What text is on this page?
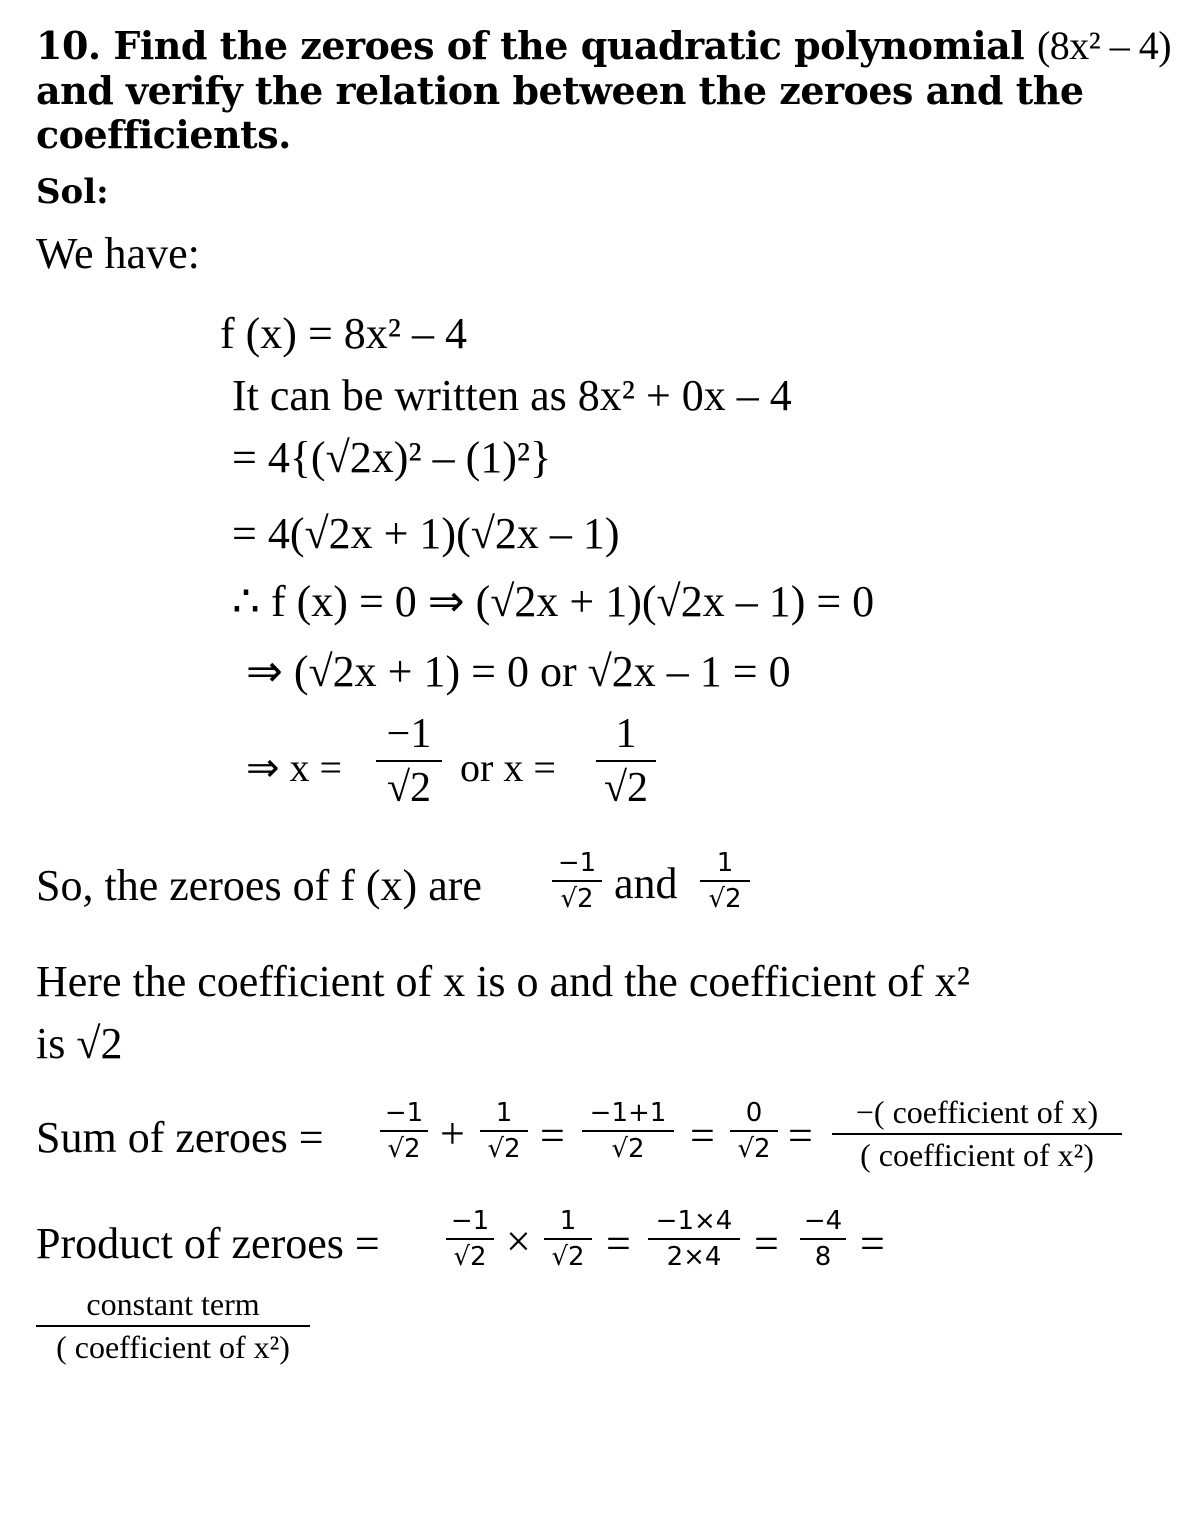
10. Find the zeroes of the quadratic polynomial (8x² – 4)
and verify the relation between the zeroes and the
coefficients.
Sol:
We have:
f (x) = 8x² – 4
It can be written as 8x² + 0x – 4
= 4{(√2x)² – (1)²}
= 4(√2x + 1)(√2x – 1)
∴ f (x) = 0 ⇒ (√2x + 1)(√2x – 1) = 0
⇒ (√2x + 1) = 0 or √2x – 1 = 0
⇒ x =
−1
√2 or x =
1
√2
So, the zeroes of f (x) are	−1
√2 and	1
√2
Here the coefficient of x is o and the coefficient of x²
is √2
Sum of zeroes = −1
√2 +	1
√2 = −1+1
√2	=	0
√2 =	−( coefficient of x)
( coefficient of x²)
Product of zeroes =	−1
√2 ×	1
√2 = −1×4
2×4 = −4
8 =
constant term
( coefficient of x²)
